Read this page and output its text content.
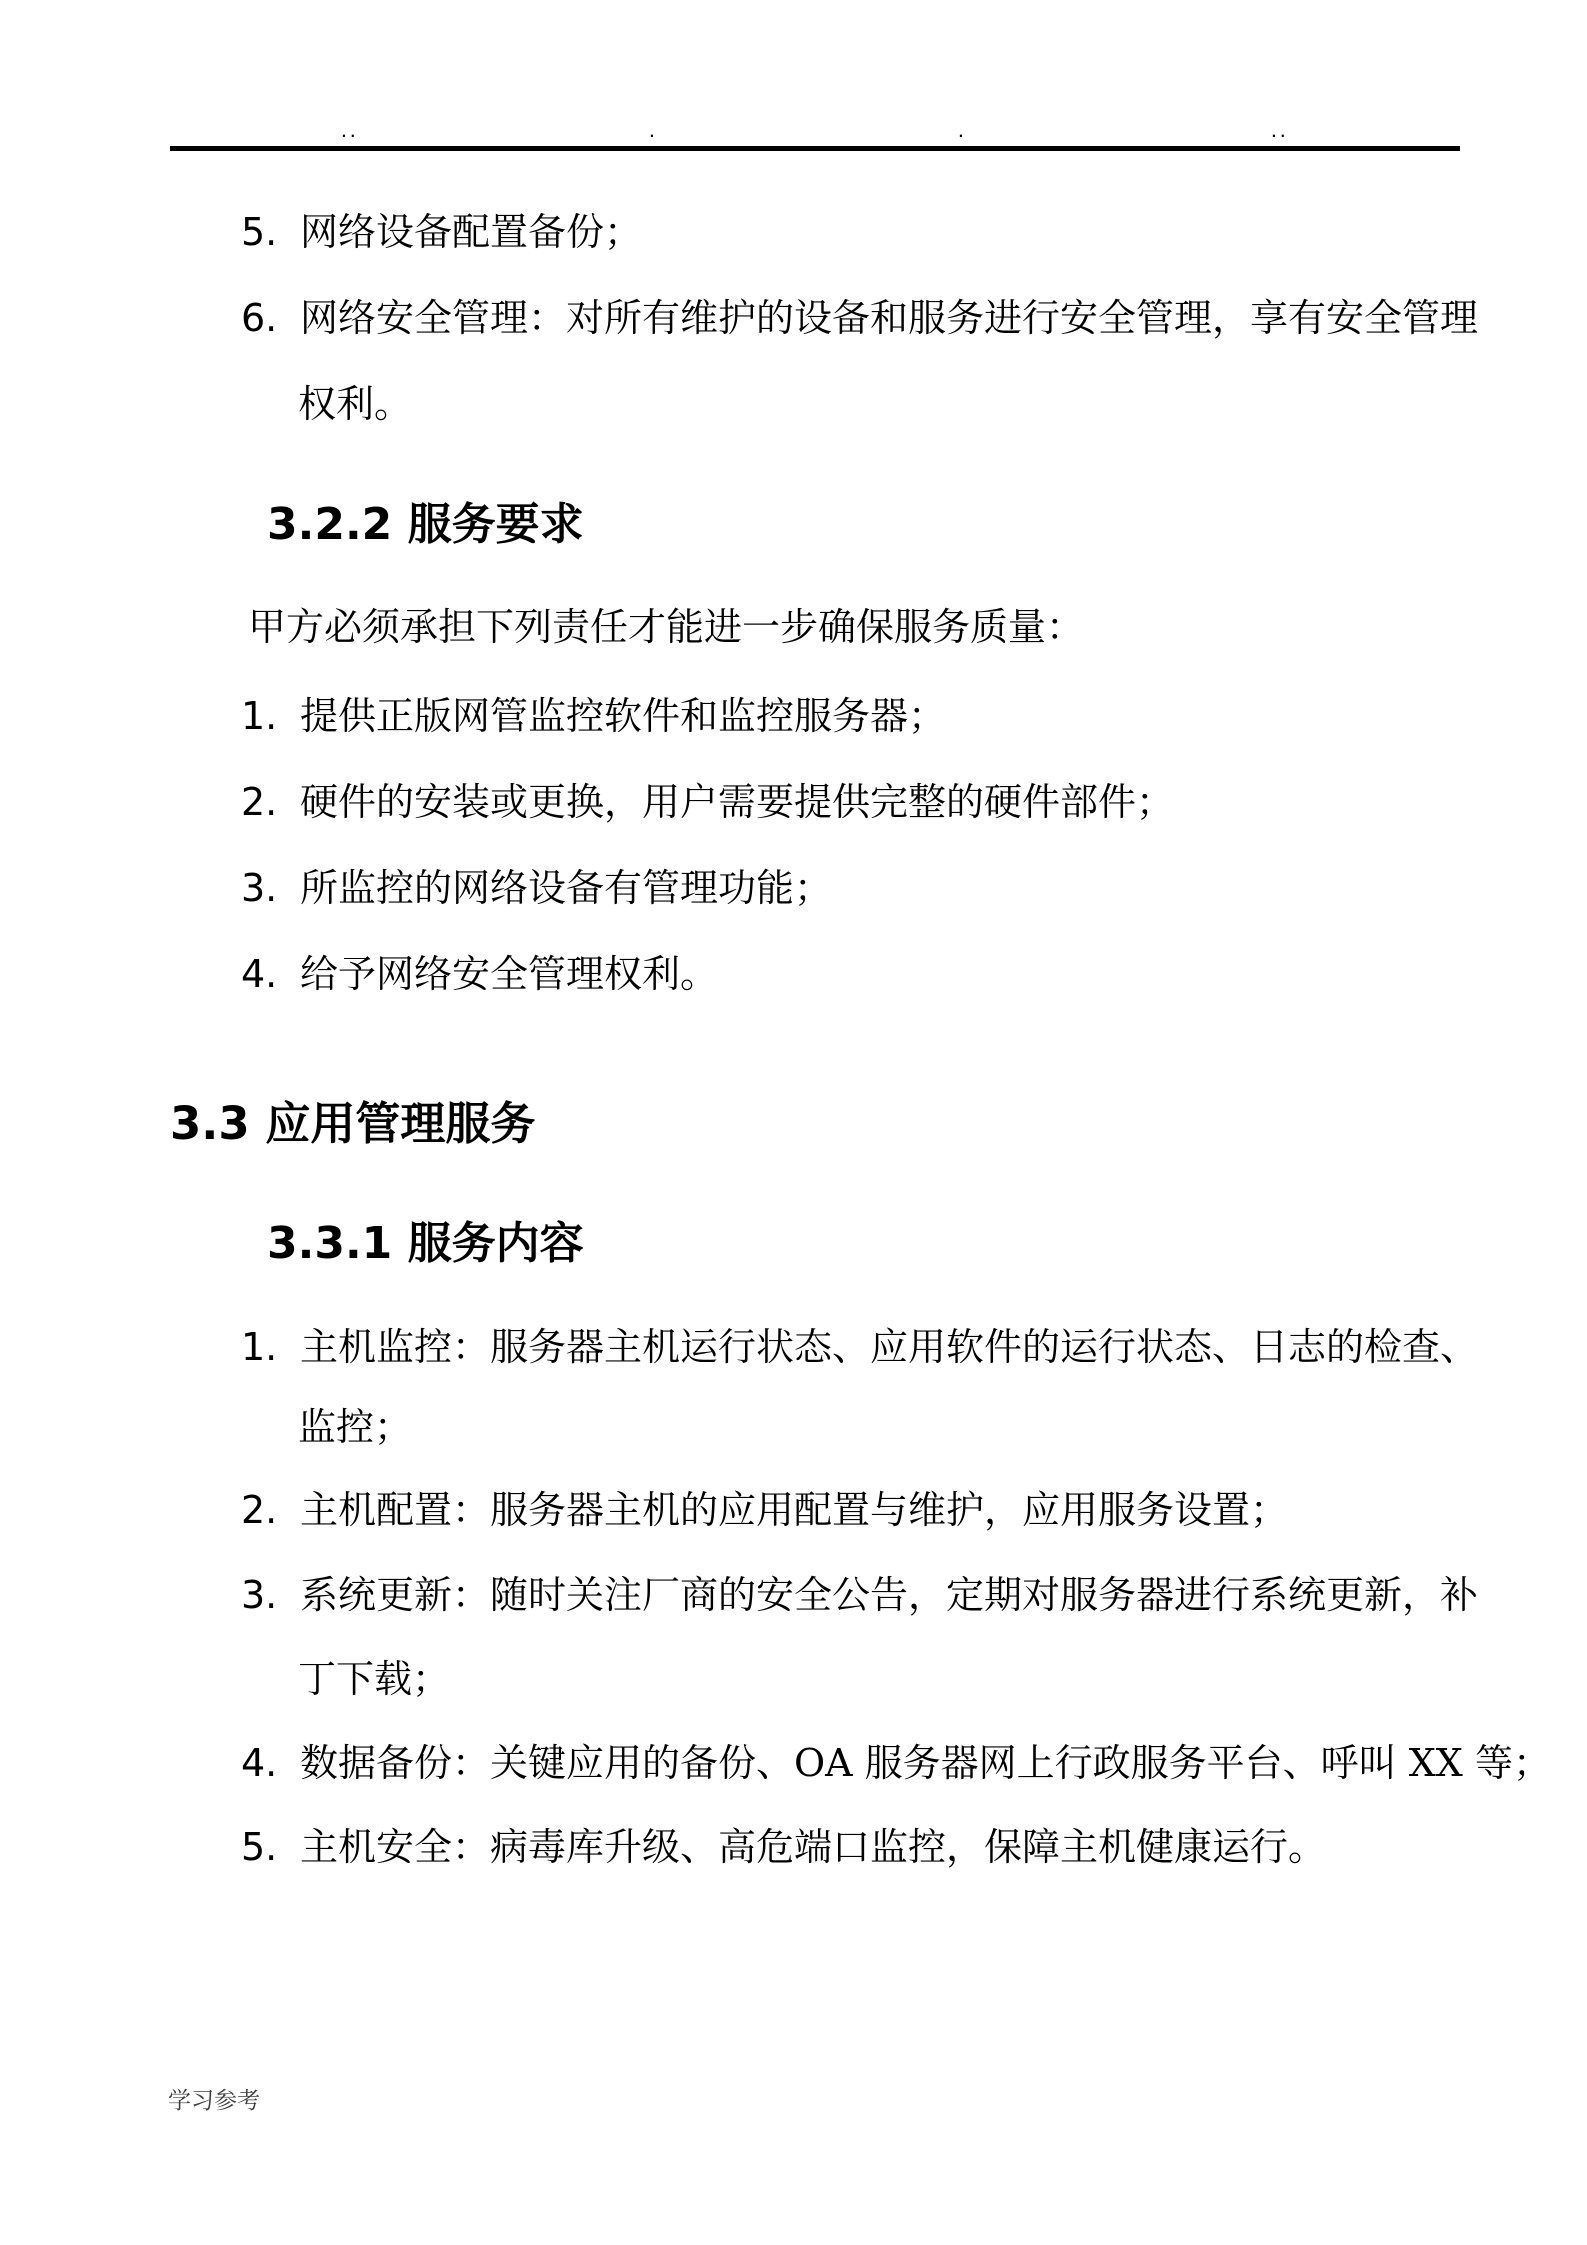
..	.	.	..
5. 网络设备配置备份；
6. 网络安全管理：对所有维护的设备和服务进行安全管理，享有安全管理
权利。
3.2.2 服务要求
甲方必须承担下列责任才能进一步确保服务质量：
1. 提供正版网管监控软件和监控服务器；
2. 硬件的安装或更换，用户需要提供完整的硬件部件；
3. 所监控的网络设备有管理功能；
4. 给予网络安全管理权利。
3.3 应用管理服务
3.3.1 服务内容
1. 主机监控：服务器主机运行状态、应用软件的运行状态、日志的检查、
监控；
2. 主机配置：服务器主机的应用配置与维护，应用服务设置；
3. 系统更新：随时关注厂商的安全公告，定期对服务器进行系统更新，补
丁下载；
4. 数据备份：关键应用的备份、OA 服务器网上行政服务平台、呼叫 XX 等；
5. 主机安全：病毒库升级、高危端口监控，保障主机健康运行。
学习参考
